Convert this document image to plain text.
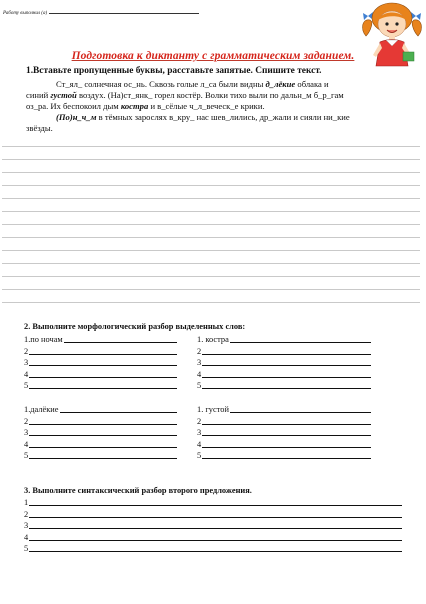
Работу выполнил (а)
Подготовка к диктанту с грамматическим заданием.
1.Вставьте пропущенные буквы, расставьте запятые. Спишите текст.
Ст_ял_ солнечная ос_нь. Сквозь голые л_са были видны д_лёкие облака и
синий густой воздух. (На)ст_янк_ горел костёр. Волки тихо выли по дальн_м б_р_гам
оз_ра. Их беспокоил дым костра и в_сёлые ч_л_веческ_е крики.
(По)н_ч_м в тёмных зарослях в_кру_ нас шев_лились, др_жали и сияли ни_кие
звёзды.
2. Выполните морфологический разбор выделенных слов:
1.по ночам
2
3
4
5
1. костра
2
3
4
5
1.далёкие
2
3
4
5
1. густой
2
3
4
5
3. Выполните синтаксический разбор второго предложения.
1
2
3
4
5
